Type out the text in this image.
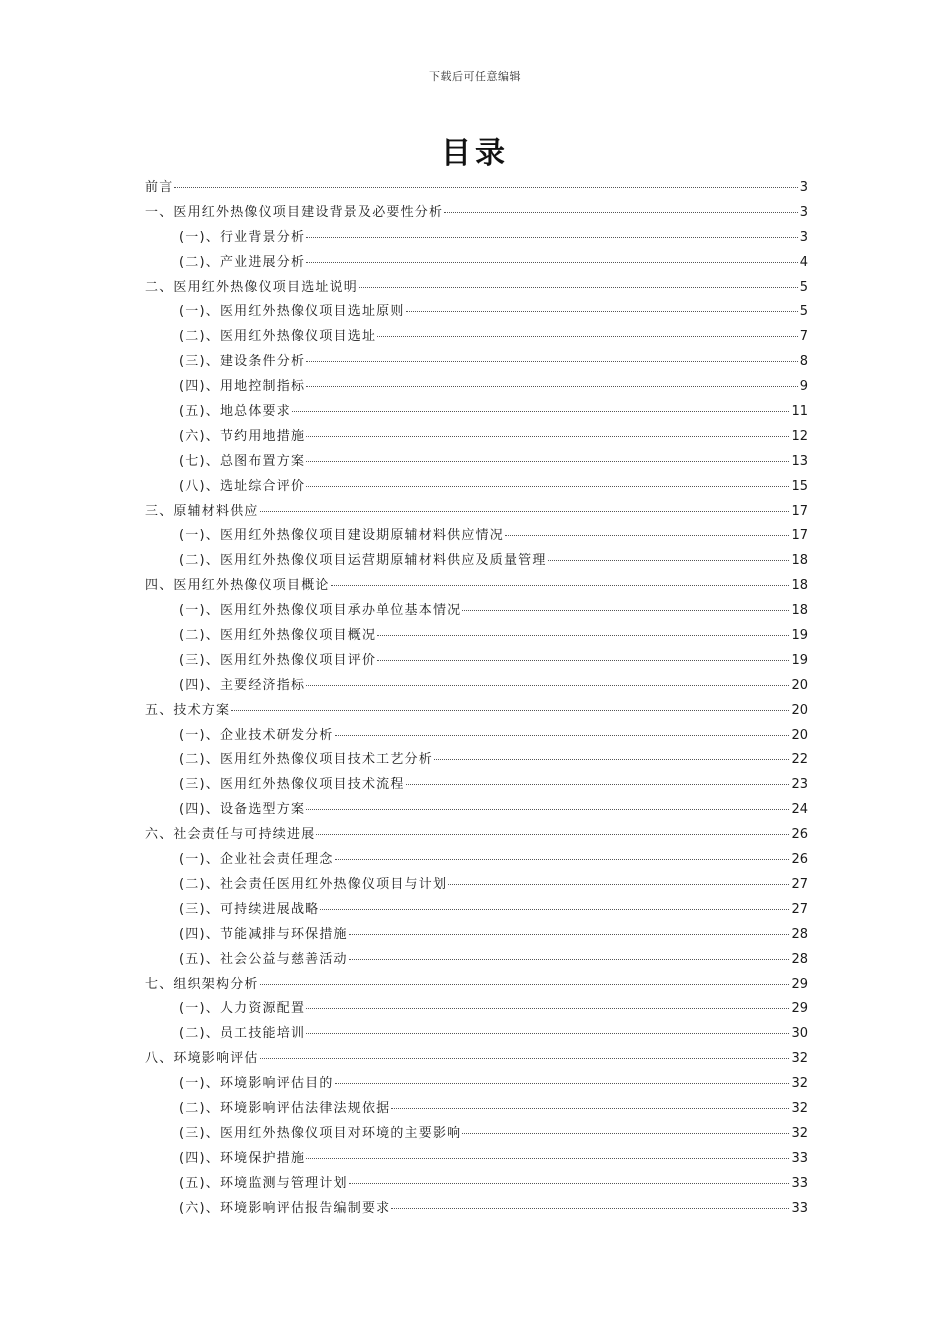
下载后可任意编辑
目录
前言	3
一、医用红外热像仪项目建设背景及必要性分析	3
(一)、行业背景分析	3
(二)、产业进展分析	4
二、医用红外热像仪项目选址说明	5
(一)、医用红外热像仪项目选址原则	5
(二)、医用红外热像仪项目选址	7
(三)、建设条件分析	8
(四)、用地控制指标	9
(五)、地总体要求	11
(六)、节约用地措施	12
(七)、总图布置方案	13
(八)、选址综合评价	15
三、原辅材料供应	17
(一)、医用红外热像仪项目建设期原辅材料供应情况	17
(二)、医用红外热像仪项目运营期原辅材料供应及质量管理	18
四、医用红外热像仪项目概论	18
(一)、医用红外热像仪项目承办单位基本情况	18
(二)、医用红外热像仪项目概况	19
(三)、医用红外热像仪项目评价	19
(四)、主要经济指标	20
五、技术方案	20
(一)、企业技术研发分析	20
(二)、医用红外热像仪项目技术工艺分析	22
(三)、医用红外热像仪项目技术流程	23
(四)、设备选型方案	24
六、社会责任与可持续进展	26
(一)、企业社会责任理念	26
(二)、社会责任医用红外热像仪项目与计划	27
(三)、可持续进展战略	27
(四)、节能减排与环保措施	28
(五)、社会公益与慈善活动	28
七、组织架构分析	29
(一)、人力资源配置	29
(二)、员工技能培训	30
八、环境影响评估	32
(一)、环境影响评估目的	32
(二)、环境影响评估法律法规依据	32
(三)、医用红外热像仪项目对环境的主要影响	32
(四)、环境保护措施	33
(五)、环境监测与管理计划	33
(六)、环境影响评估报告编制要求	33
